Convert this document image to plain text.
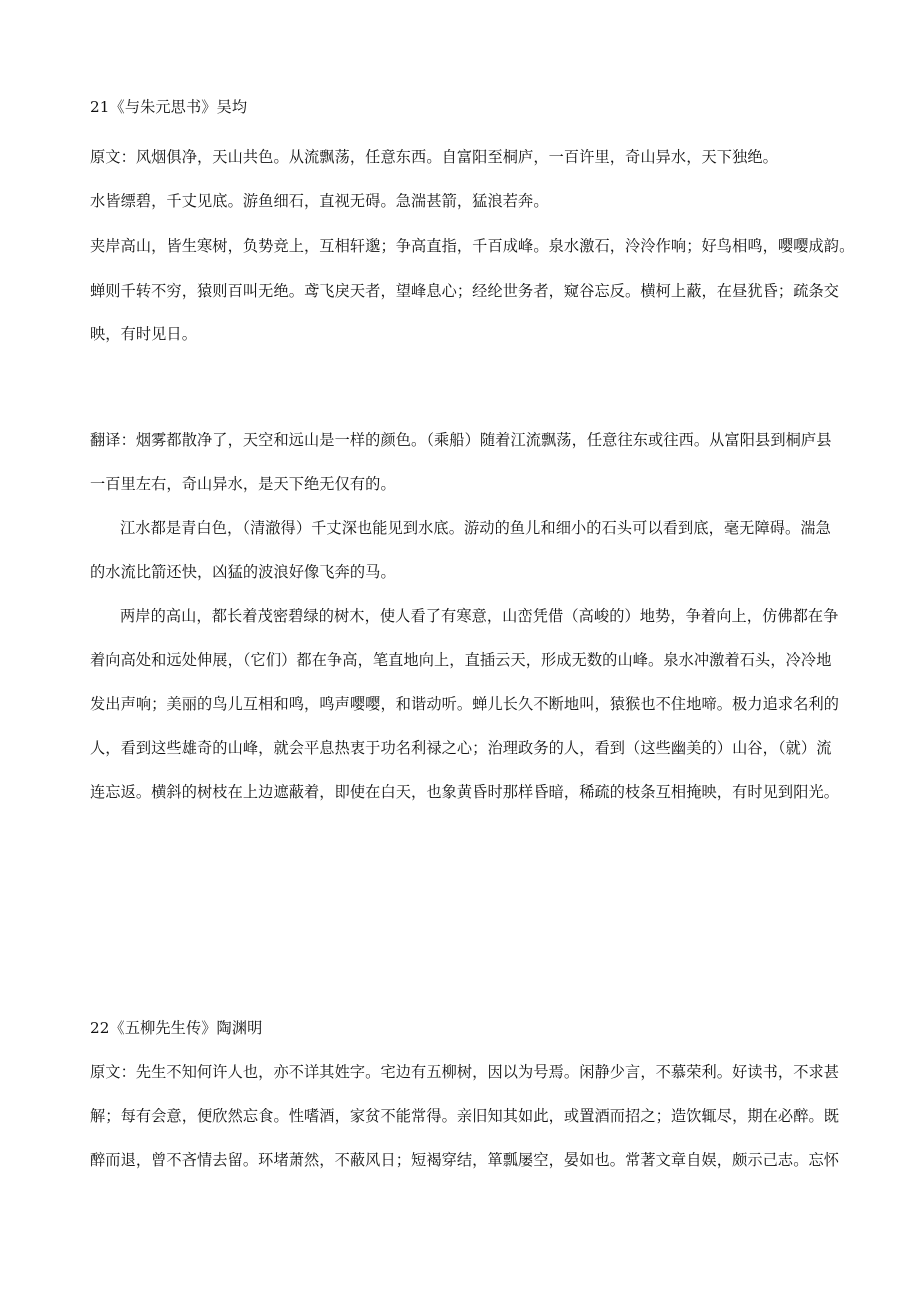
21《与朱元思书》吴均
原文：风烟俱净，天山共色。从流飘荡，任意东西。自富阳至桐庐，一百许里，奇山异水，天下独绝。
水皆缥碧，千丈见底。游鱼细石，直视无碍。急湍甚箭，猛浪若奔。
夹岸高山，皆生寒树，负势竞上，互相轩邈；争高直指，千百成峰。泉水激石，泠泠作响；好鸟相鸣，嘤嘤成韵。
蝉则千转不穷，猿则百叫无绝。鸢飞戾天者，望峰息心；经纶世务者，窥谷忘反。横柯上蔽，在昼犹昏；疏条交
映，有时见日。
翻译：烟雾都散净了，天空和远山是一样的颜色。（乘船）随着江流飘荡，任意往东或往西。从富阳县到桐庐县
一百里左右，奇山异水，是天下绝无仅有的。
江水都是青白色，（清澈得）千丈深也能见到水底。游动的鱼儿和细小的石头可以看到底，毫无障碍。湍急
的水流比箭还快，凶猛的波浪好像飞奔的马。
两岸的高山，都长着茂密碧绿的树木，使人看了有寒意，山峦凭借（高峻的）地势，争着向上，仿佛都在争
着向高处和远处伸展，（它们）都在争高，笔直地向上，直插云天，形成无数的山峰。泉水冲激着石头，冷冷地
发出声响；美丽的鸟儿互相和鸣，鸣声嘤嘤，和谐动听。蝉儿长久不断地叫，猿猴也不住地啼。极力追求名利的
人，看到这些雄奇的山峰，就会平息热衷于功名利禄之心；治理政务的人，看到（这些幽美的）山谷，（就）流
连忘返。横斜的树枝在上边遮蔽着，即使在白天，也象黄昏时那样昏暗，稀疏的枝条互相掩映，有时见到阳光。
22《五柳先生传》陶渊明
原文：先生不知何许人也，亦不详其姓字。宅边有五柳树，因以为号焉。闲静少言，不慕荣利。好读书，不求甚
解；每有会意，便欣然忘食。性嗜酒，家贫不能常得。亲旧知其如此，或置酒而招之；造饮辄尽，期在必醉。既
醉而退，曾不吝情去留。环堵萧然，不蔽风日；短褐穿结，箪瓢屡空，晏如也。常著文章自娱，颇示己志。忘怀
